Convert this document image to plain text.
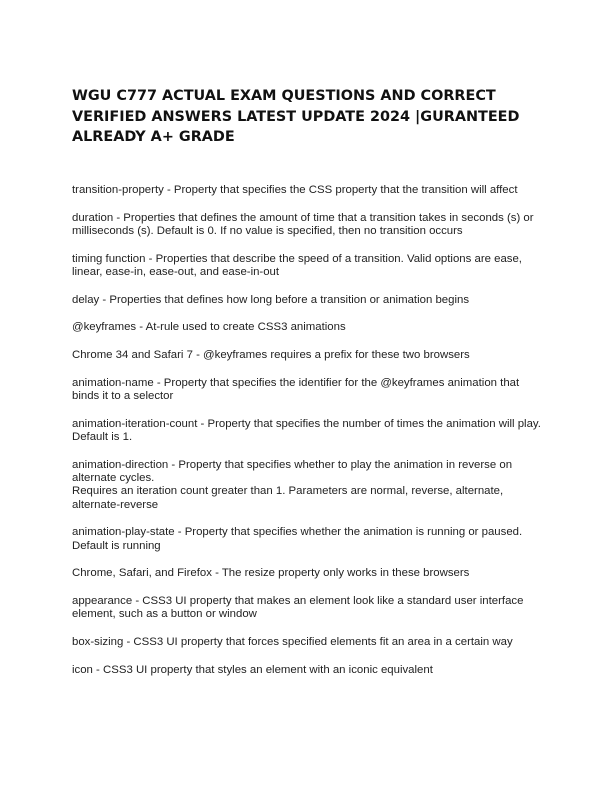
WGU C777 ACTUAL EXAM QUESTIONS AND CORRECT VERIFIED ANSWERS LATEST UPDATE 2024 |GURANTEED ALREADY A+ GRADE
transition-property - Property that specifies the CSS property that the transition will affect
duration - Properties that defines the amount of time that a transition takes in seconds (s) or milliseconds (s). Default is 0. If no value is specified, then no transition occurs
timing function - Properties that describe the speed of a transition. Valid options are ease, linear, ease-in, ease-out, and ease-in-out
delay - Properties that defines how long before a transition or animation begins
@keyframes - At-rule used to create CSS3 animations
Chrome 34 and Safari 7 - @keyframes requires a prefix for these two browsers
animation-name - Property that specifies the identifier for the @keyframes animation that binds it to a selector
animation-iteration-count - Property that specifies the number of times the animation will play. Default is 1.
animation-direction - Property that specifies whether to play the animation in reverse on alternate cycles.
Requires an iteration count greater than 1. Parameters are normal, reverse, alternate, alternate-reverse
animation-play-state - Property that specifies whether the animation is running or paused. Default is running
Chrome, Safari, and Firefox - The resize property only works in these browsers
appearance - CSS3 UI property that makes an element look like a standard user interface element, such as a button or window
box-sizing - CSS3 UI property that forces specified elements fit an area in a certain way
icon - CSS3 UI property that styles an element with an iconic equivalent
